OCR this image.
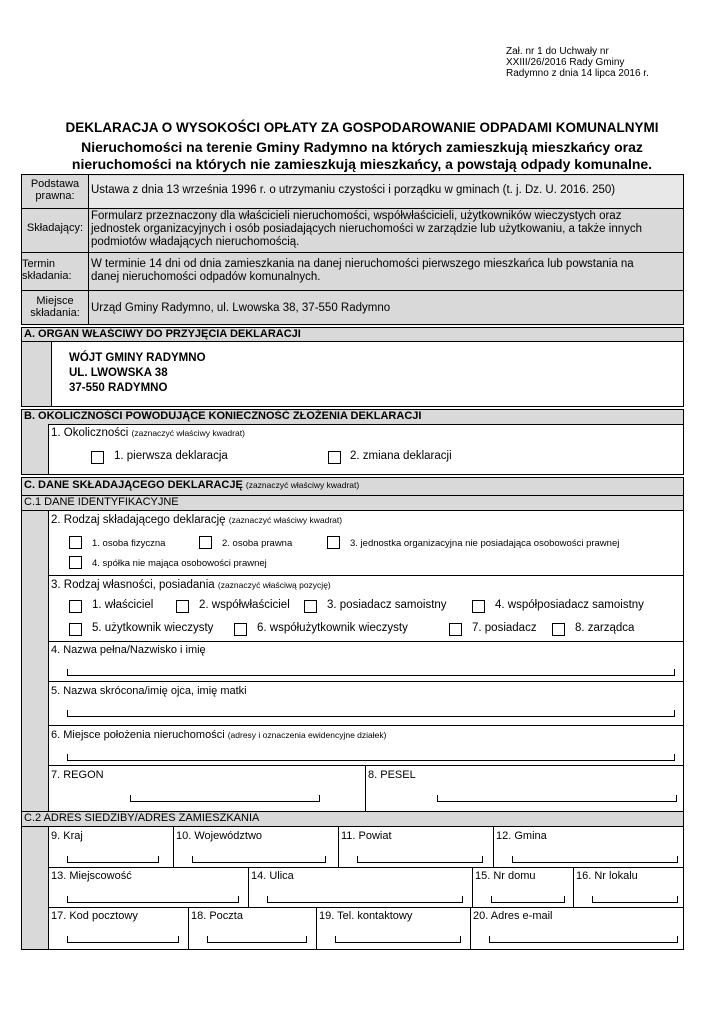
Zał. nr 1 do Uchwały nr
XXIII/26/2016 Rady Gminy
Radymno z dnia 14 lipca 2016 r.
DEKLARACJA O WYSOKOŚCI OPŁATY ZA GOSPODAROWANIE ODPADAMI KOMUNALNYMI
Nieruchomości na terenie Gminy Radymno na których zamieszkują mieszkańcy oraz
nieruchomości na których nie zamieszkują mieszkańcy, a powstają odpady komunalne.
Podstawa
prawna:	Ustawa z dnia 13 września 1996 r. o utrzymaniu czystości i porządku w gminach (t. j. Dz. U. 2016. 250)
Składający:
Formularz przeznaczony dla właścicieli nieruchomości, współwłaścicieli, użytkowników wieczystych oraz
jednostek organizacyjnych i osób posiadających nieruchomości w zarządzie lub użytkowaniu, a także innych
podmiotów władających nieruchomością.
Termin
składania:
W terminie 14 dni od dnia zamieszkania na danej nieruchomości pierwszego mieszkańca lub powstania na
danej nieruchomości odpadów komunalnych.
Miejsce
składania: Urząd Gminy Radymno, ul. Lwowska 38, 37-550 Radymno
A. ORGAN WŁAŚCIWY DO PRZYJĘCIA DEKLARACJI
WÓJT GMINY RADYMNO
UL. LWOWSKA 38
37-550 RADYMNO
B. OKOLICZNOŚCI POWODUJĄCE KONIECZNOŚĆ ZŁOŻENIA DEKLARACJI
1. Okoliczności (zaznaczyć właściwy kwadrat)
1. pierwsza deklaracja	2. zmiana deklaracji
C. DANE SKŁADAJĄCEGO DEKLARACJĘ (zaznaczyć właściwy kwadrat)
C.1 DANE IDENTYFIKACYJNE
2. Rodzaj składającego deklarację (zaznaczyć właściwy kwadrat)
1. osoba fizyczna	2. osoba prawna	3. jednostka organizacyjna nie posiadająca osobowości prawnej
4. spółka nie mająca osobowości prawnej
3. Rodzaj własności, posiadania (zaznaczyć właściwą pozycję)
1. właściciel	2. współwłaściciel	3. posiadacz samoistny	4. współposiadacz samoistny
5. użytkownik wieczysty	6. współużytkownik wieczysty	7. posiadacz	8. zarządca
4. Nazwa pełna/Nazwisko i imię
5. Nazwa skrócona/imię ojca, imię matki
6. Miejsce położenia nieruchomości (adresy i oznaczenia ewidencyjne działek)
7. REGON	8. PESEL
C.2 ADRES SIEDZIBY/ADRES ZAMIESZKANIA
9. Kraj	10. Województwo	11. Powiat	12. Gmina
13. Miejscowość	14. Ulica	15. Nr domu	16. Nr lokalu
17. Kod pocztowy	18. Poczta	19. Tel. kontaktowy	20. Adres e-mail
